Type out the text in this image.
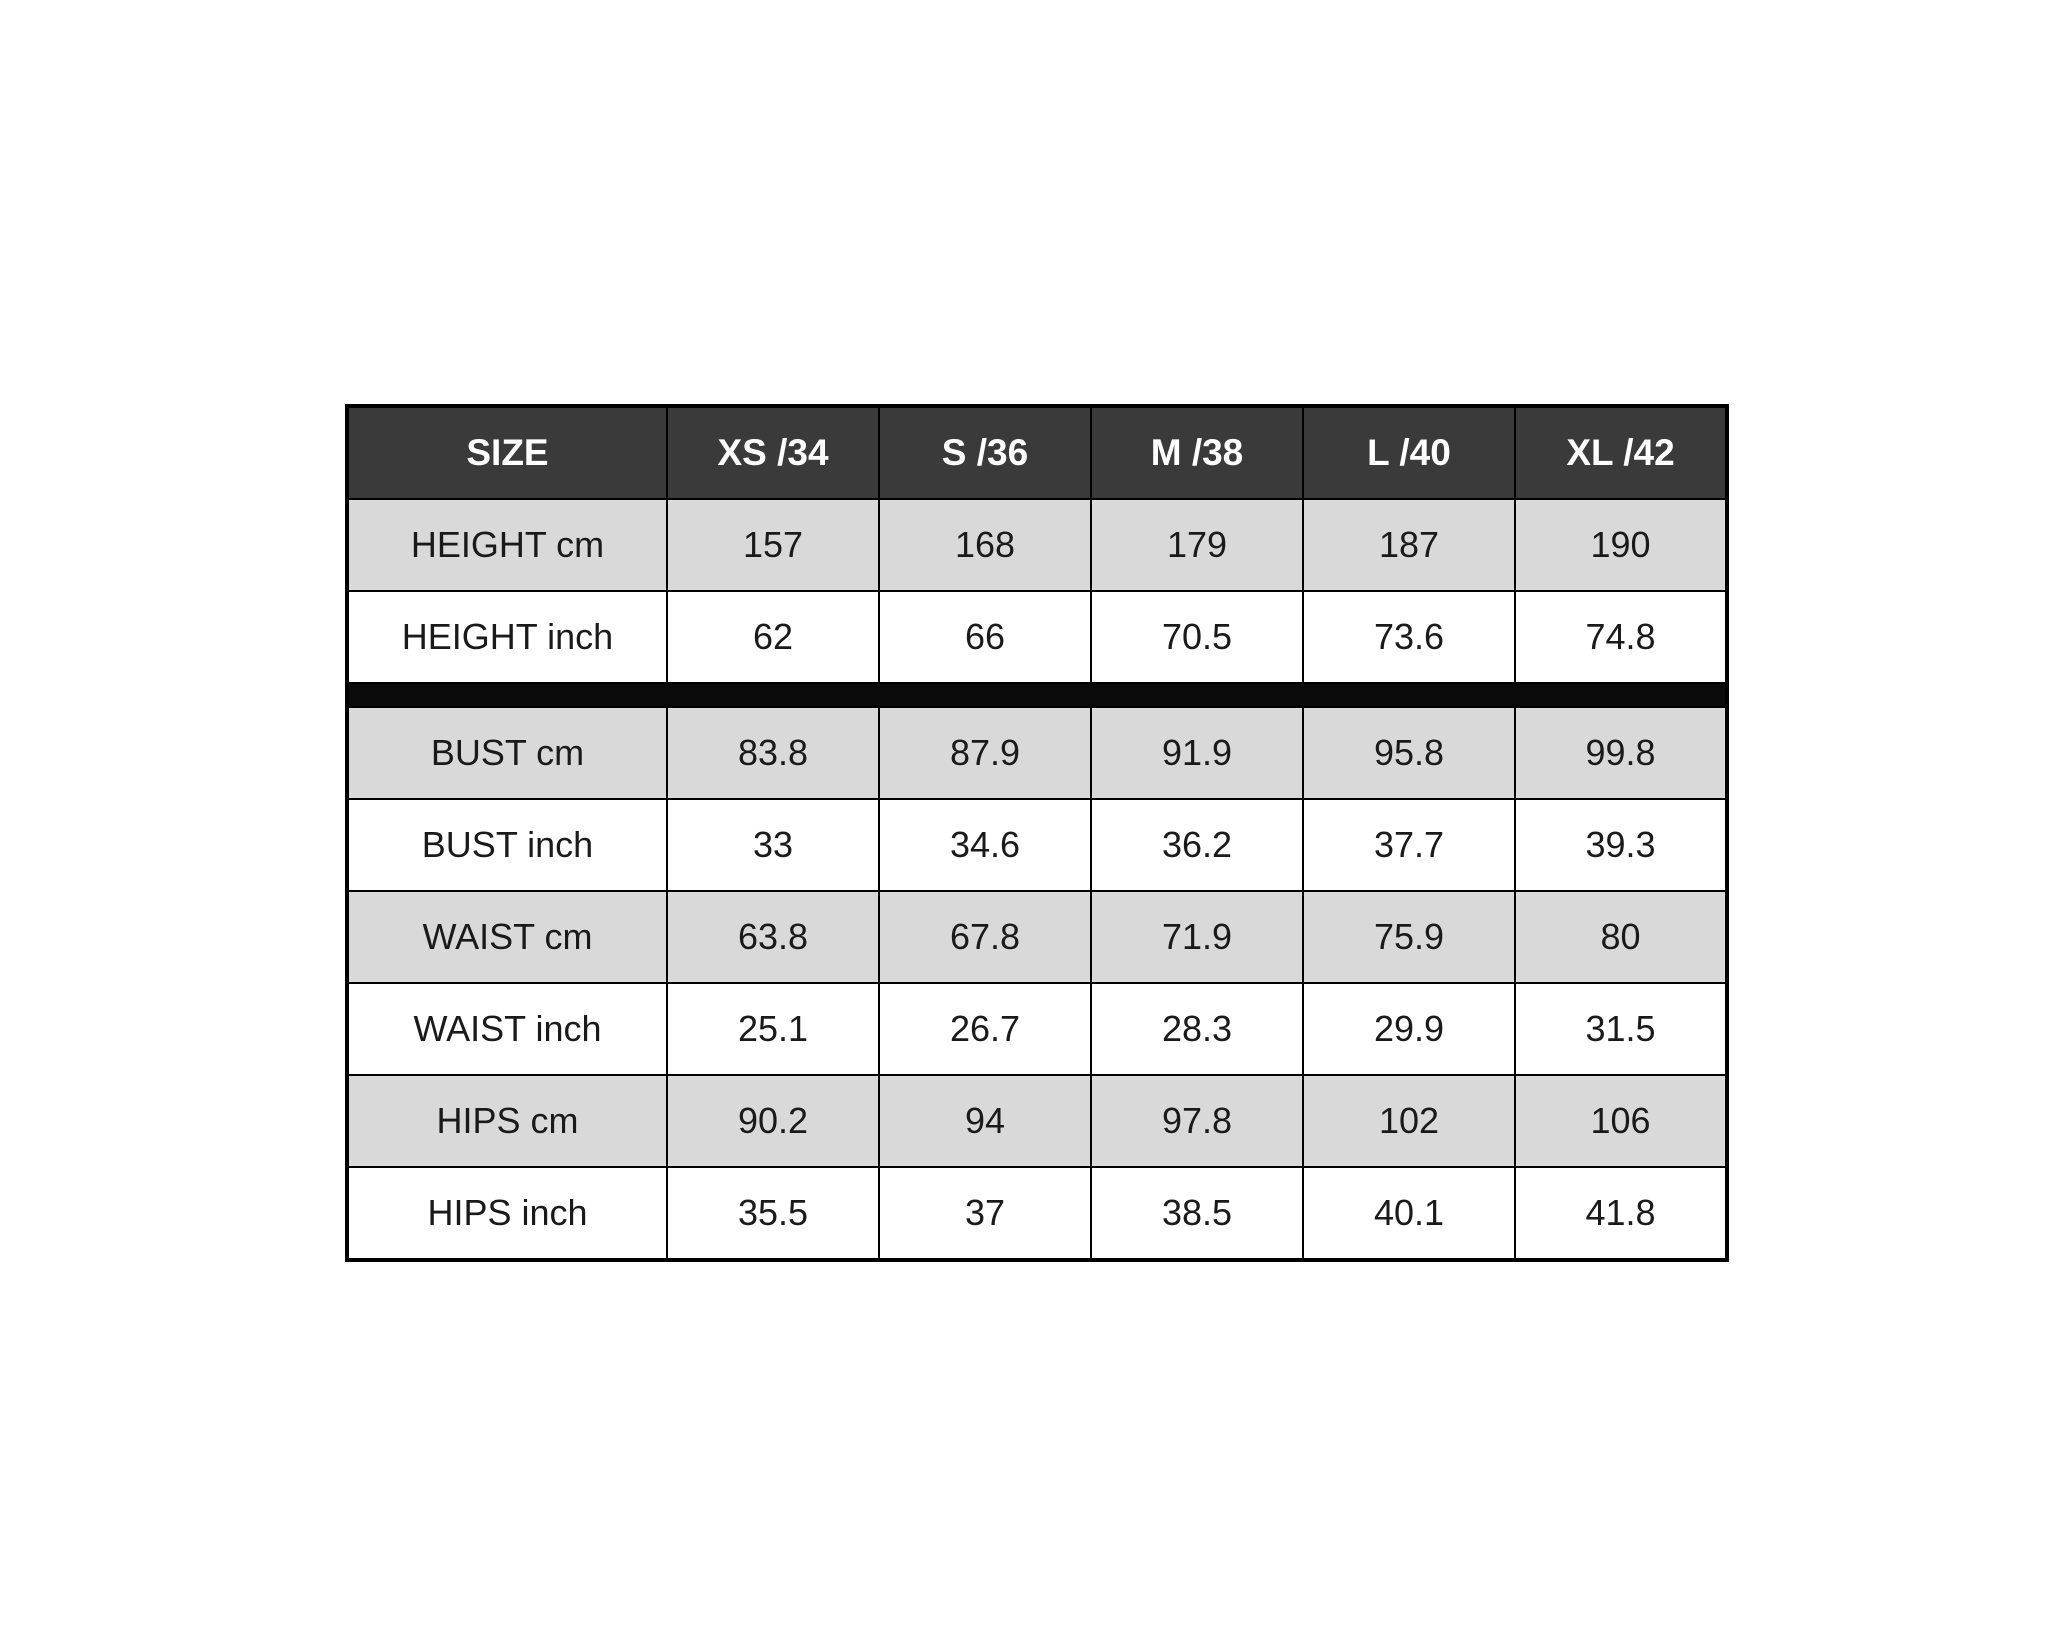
SIZE	XS /34	S /36	M /38	L /40	XL /42
HEIGHT cm	157	168	179	187	190
HEIGHT inch	62	66	70.5	73.6	74.8

BUST cm	83.8	87.9	91.9	95.8	99.8
BUST inch	33	34.6	36.2	37.7	39.3
WAIST cm	63.8	67.8	71.9	75.9	80
WAIST inch	25.1	26.7	28.3	29.9	31.5
HIPS cm	90.2	94	97.8	102	106
HIPS inch	35.5	37	38.5	40.1	41.8
